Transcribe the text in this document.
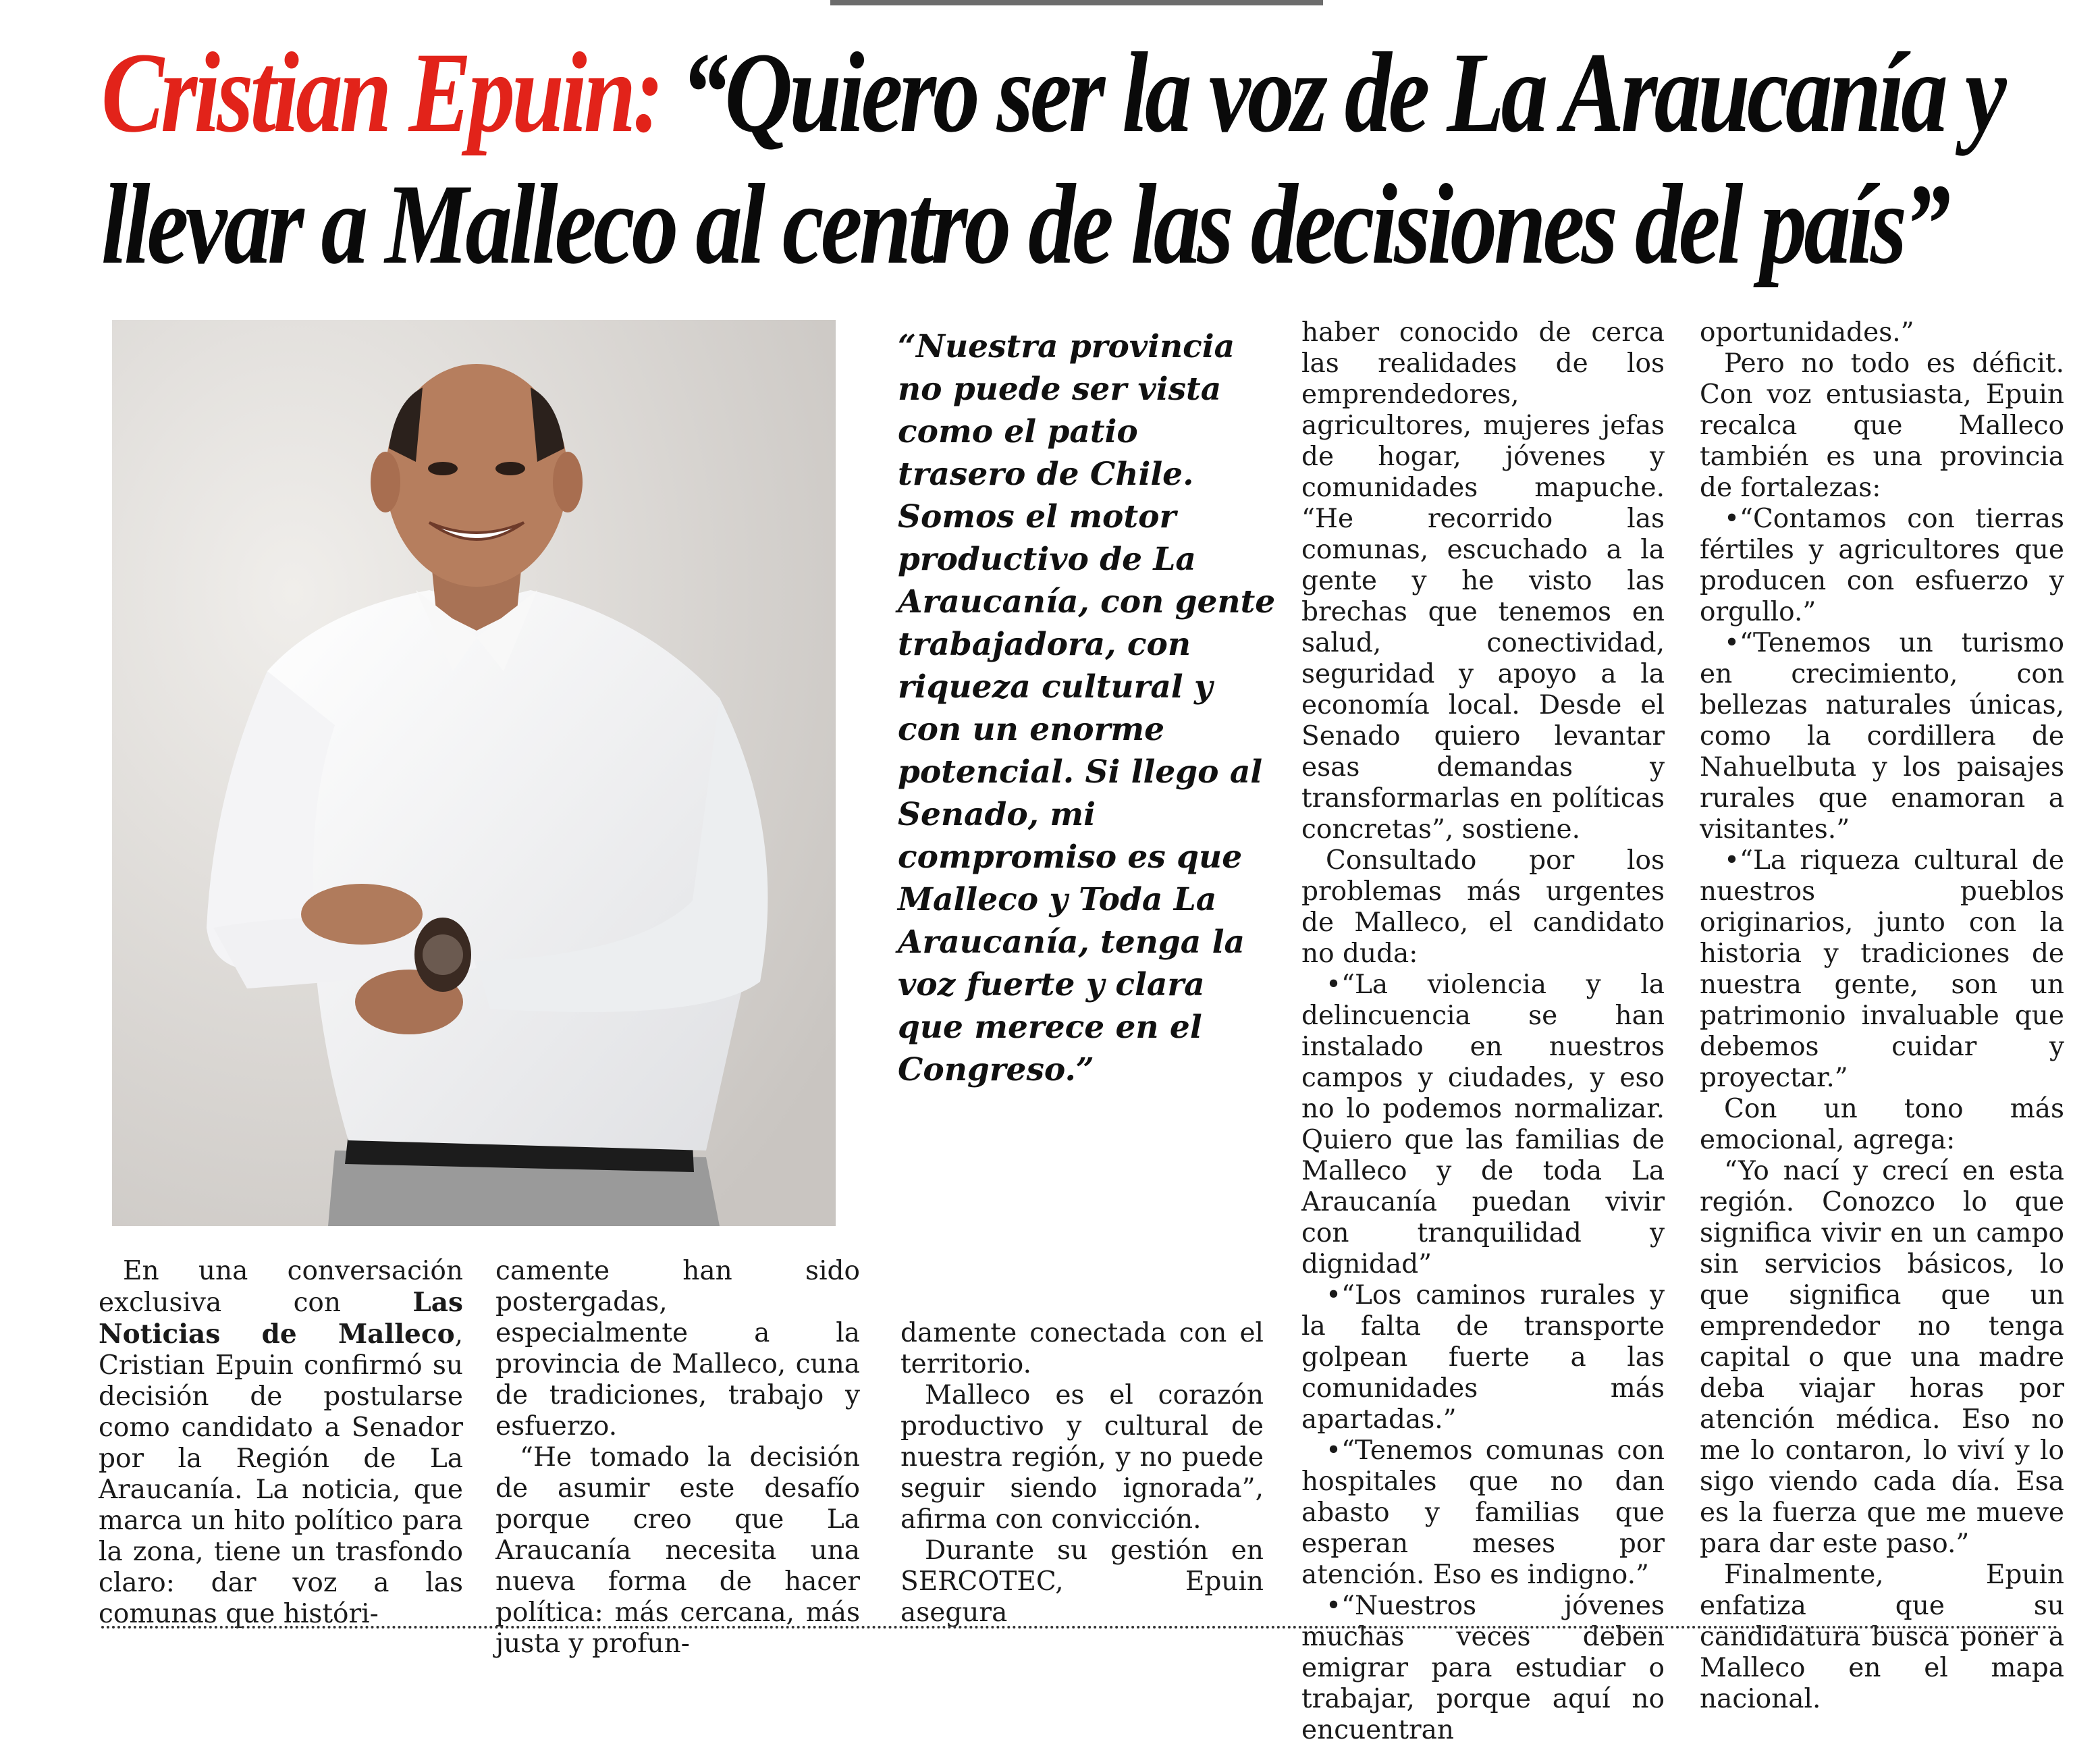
Cristian Epuin: “Quiero ser la voz de La Araucanía y llevar a Malleco al centro de las decisiones del país”
“Nuestra provincia no puede ser vista como el patio trasero de Chile. Somos el motor productivo de La Araucanía, con gente trabajadora, con riqueza cultural y con un enorme potencial. Si llego al Senado, mi compromiso es que Malleco y Toda La Araucanía, tenga la voz fuerte y clara que merece en el Congreso.”

En una conversación exclusiva con Las Noticias de Malleco, Cristian Epuin confirmó su decisión de postularse como candidato a Senador por la Región de La Araucanía. La noticia, que marca un hito político para la zona, tiene un trasfondo claro: dar voz a las comunas que históri-

camente han sido postergadas, especialmente a la provincia de Malleco, cuna de tradiciones, trabajo y esfuerzo.

“He tomado la decisión de asumir este desafío porque creo que La Araucanía necesita una nueva forma de hacer política: más cercana, más justa y profun-

damente conectada con el territorio.

Malleco es el corazón productivo y cultural de nuestra región, y no puede seguir siendo ignorada”, afirma con convicción.

Durante su gestión en SERCOTEC, Epuin asegura

haber conocido de cerca las realidades de los emprendedores, agricultores, mujeres jefas de hogar, jóvenes y comunidades mapuche. “He recorrido las comunas, escuchado a la gente y he visto las brechas que tenemos en salud, conectividad, seguridad y apoyo a la economía local. Desde el Senado quiero levantar esas demandas y transformarlas en políticas concretas”, sostiene.

Consultado por los problemas más urgentes de Malleco, el candidato no duda:

•“La violencia y la delincuencia se han instalado en nuestros campos y ciudades, y eso no lo podemos normalizar. Quiero que las familias de Malleco y de toda La Araucanía puedan vivir con tranquilidad y dignidad”

•“Los caminos rurales y la falta de transporte golpean fuerte a las comunidades más apartadas.”

•“Tenemos comunas con hospitales que no dan abasto y familias que esperan meses por atención. Eso es indigno.”

•“Nuestros jóvenes muchas veces deben emigrar para estudiar o trabajar, porque aquí no encuentran

oportunidades.”

Pero no todo es déficit. Con voz entusiasta, Epuin recalca que Malleco también es una provincia de fortalezas:

•“Contamos con tierras fértiles y agricultores que producen con esfuerzo y orgullo.”

•“Tenemos un turismo en crecimiento, con bellezas naturales únicas, como la cordillera de Nahuelbuta y los paisajes rurales que enamoran a visitantes.”

•“La riqueza cultural de nuestros pueblos originarios, junto con la historia y tradiciones de nuestra gente, son un patrimonio invaluable que debemos cuidar y proyectar.”

Con un tono más emocional, agrega:

“Yo nací y crecí en esta región. Conozco lo que significa vivir en un campo sin servicios básicos, lo que significa que un emprendedor no tenga capital o que una madre deba viajar horas por atención médica. Eso no me lo contaron, lo viví y lo sigo viendo cada día. Esa es la fuerza que me mueve para dar este paso.”

Finalmente, Epuin enfatiza que su candidatura busca poner a Malleco en el mapa nacional.
